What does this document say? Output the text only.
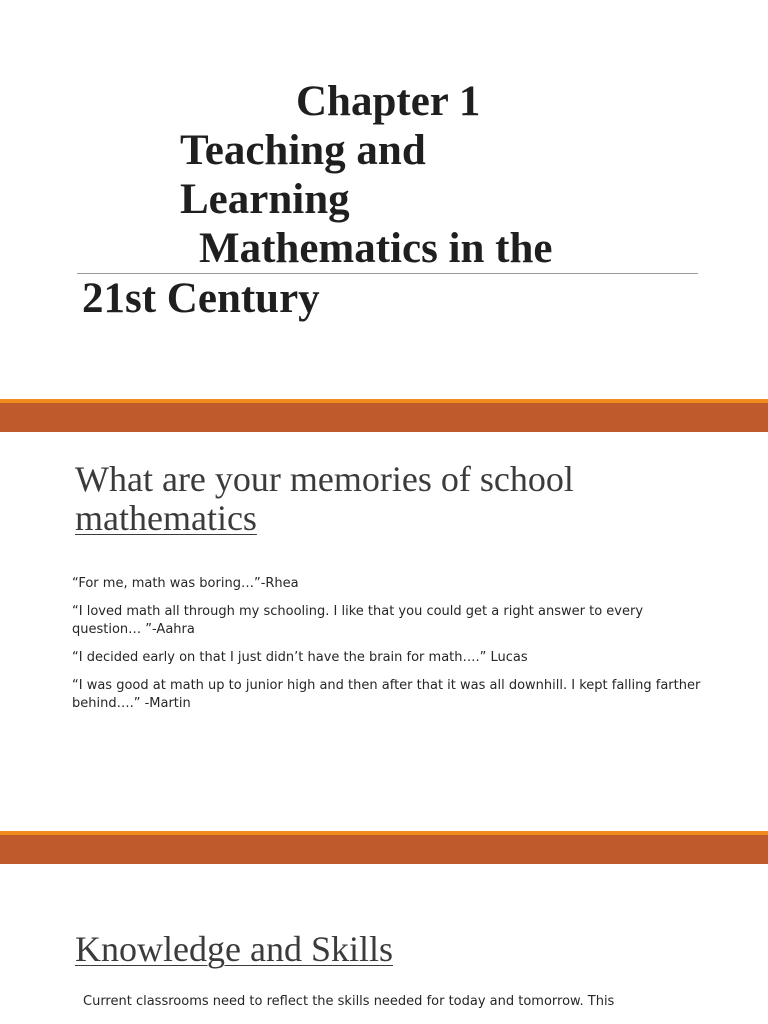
Chapter 1
Teaching and
Learning
Mathematics in the
21st Century
What are your memories of school
mathematics
“For me, math was boring…”-Rhea
“I loved math all through my schooling. I like that you could get a right answer to every question… ”-Aahra
“I decided early on that I just didn’t have the brain for math….” Lucas
“I was good at math up to junior high and then after that it was all downhill. I kept falling farther behind….” -Martin
Knowledge and Skills

Current classrooms need to reflect the skills needed for today and tomorrow. This
